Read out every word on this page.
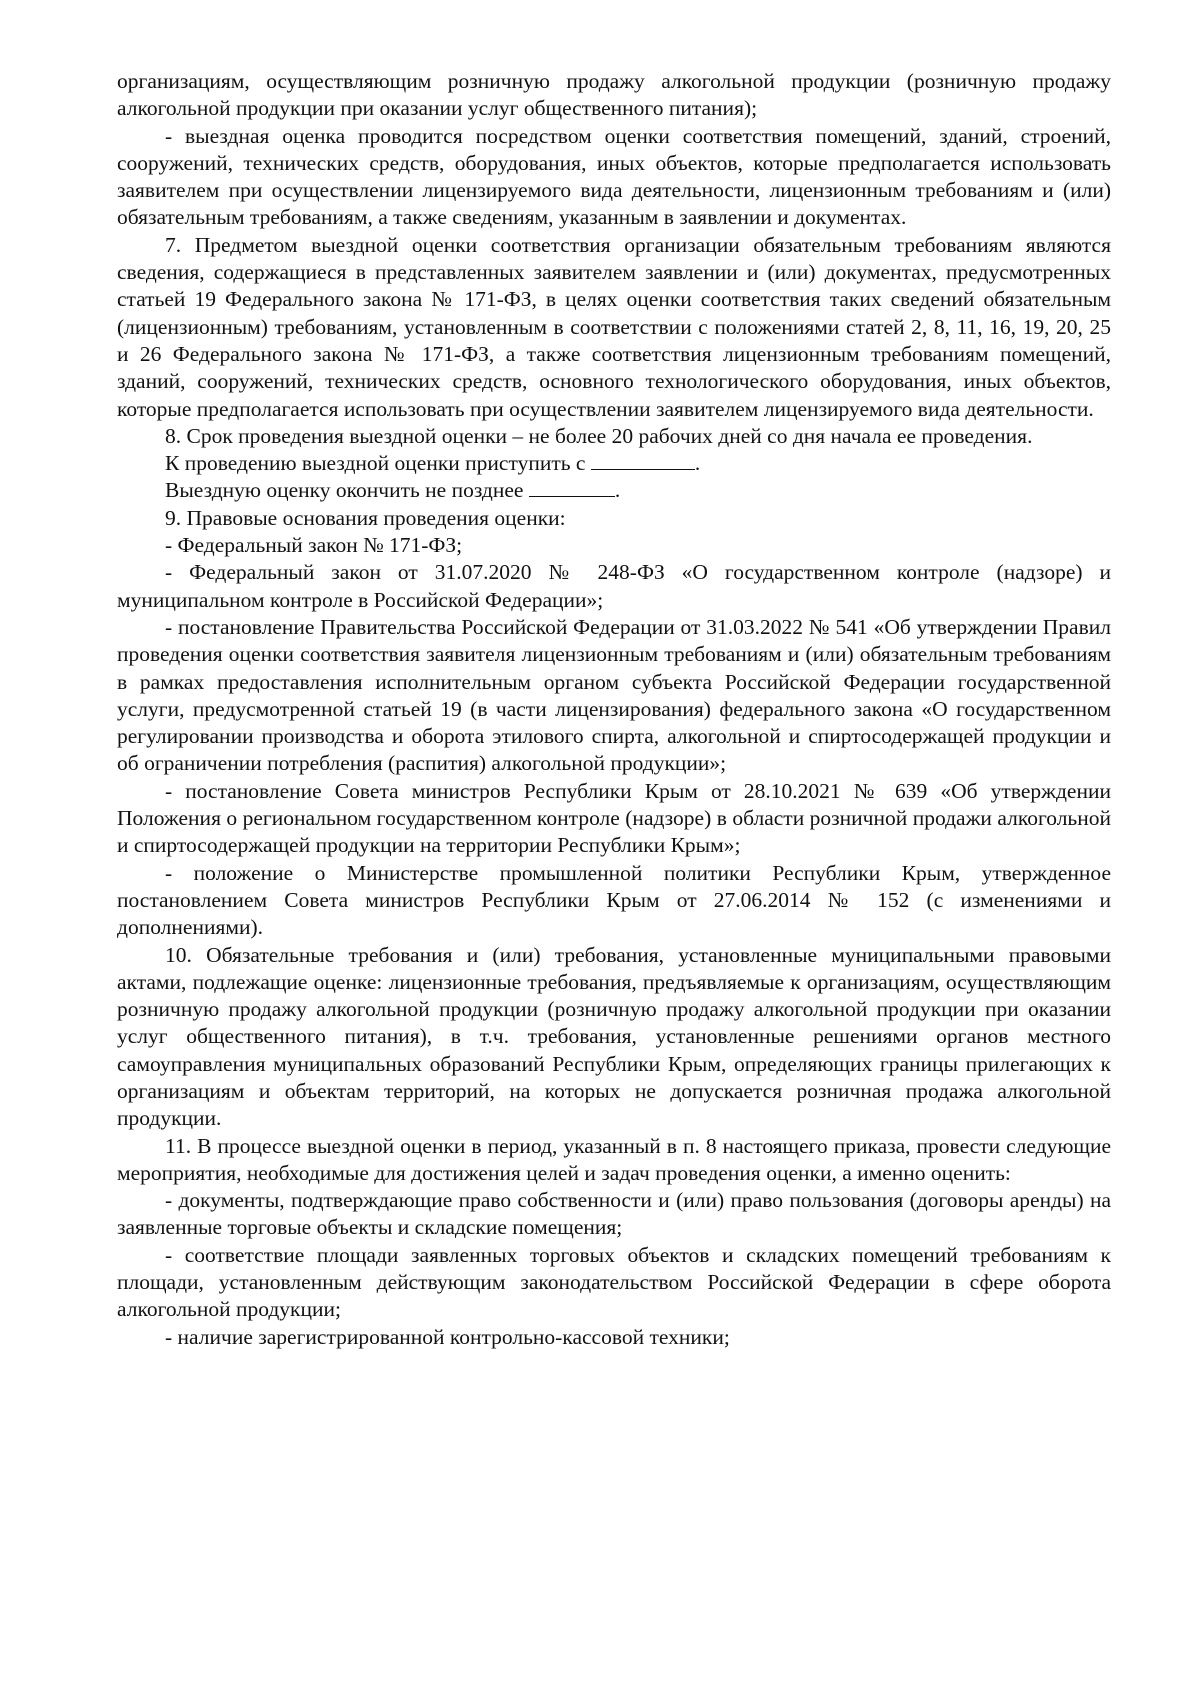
организациям, осуществляющим розничную продажу алкогольной продукции (розничную продажу алкогольной продукции при оказании услуг общественного питания);

- выездная оценка проводится посредством оценки соответствия помещений, зданий, строений, сооружений, технических средств, оборудования, иных объектов, которые предполагается использовать заявителем при осуществлении лицензируемого вида деятельности, лицензионным требованиям и (или) обязательным требованиям, а также сведениям, указанным в заявлении и документах.

7. Предметом выездной оценки соответствия организации обязательным требованиям являются сведения, содержащиеся в представленных заявителем заявлении и (или) документах, предусмотренных статьей 19 Федерального закона № 171-ФЗ, в целях оценки соответствия таких сведений обязательным (лицензионным) требованиям, установленным в соответствии с положениями статей 2, 8, 11, 16, 19, 20, 25 и 26 Федерального закона № 171-ФЗ, а также соответствия лицензионным требованиям помещений, зданий, сооружений, технических средств, основного технологического оборудования, иных объектов, которые предполагается использовать при осуществлении заявителем лицензируемого вида деятельности.

8. Срок проведения выездной оценки – не более 20 рабочих дней со дня начала ее проведения.

К проведению выездной оценки приступить с	.

Выездную оценку окончить не позднее	.

9. Правовые основания проведения оценки:

- Федеральный закон № 171-ФЗ;

- Федеральный закон от 31.07.2020 № 248-ФЗ «О государственном контроле (надзоре) и муниципальном контроле в Российской Федерации»;

- постановление Правительства Российской Федерации от 31.03.2022 № 541 «Об утверждении Правил проведения оценки соответствия заявителя лицензионным требованиям и (или) обязательным требованиям в рамках предоставления исполнительным органом субъекта Российской Федерации государственной услуги, предусмотренной статьей 19 (в части лицензирования) федерального закона «О государственном регулировании производства и оборота этилового спирта, алкогольной и спиртосодержащей продукции и об ограничении потребления (распития) алкогольной продукции»;

- постановление Совета министров Республики Крым от 28.10.2021 № 639 «Об утверждении Положения о региональном государственном контроле (надзоре) в области розничной продажи алкогольной и спиртосодержащей продукции на территории Республики Крым»;

- положение о Министерстве промышленной политики Республики Крым, утвержденное постановлением Совета министров Республики Крым от 27.06.2014 № 152 (с изменениями и дополнениями).

10. Обязательные требования и (или) требования, установленные муниципальными правовыми актами, подлежащие оценке: лицензионные требования, предъявляемые к организациям, осуществляющим розничную продажу алкогольной продукции (розничную продажу алкогольной продукции при оказании услуг общественного питания), в т.ч. требования, установленные решениями органов местного самоуправления муниципальных образований Республики Крым, определяющих границы прилегающих к организациям и объектам территорий, на которых не допускается розничная продажа алкогольной продукции.

11. В процессе выездной оценки в период, указанный в п. 8 настоящего приказа, провести следующие мероприятия, необходимые для достижения целей и задач проведения оценки, а именно оценить:

- документы, подтверждающие право собственности и (или) право пользования (договоры аренды) на заявленные торговые объекты и складские помещения;

- соответствие площади заявленных торговых объектов и складских помещений требованиям к площади, установленным действующим законодательством Российской Федерации в сфере оборота алкогольной продукции;

- наличие зарегистрированной контрольно-кассовой техники;
